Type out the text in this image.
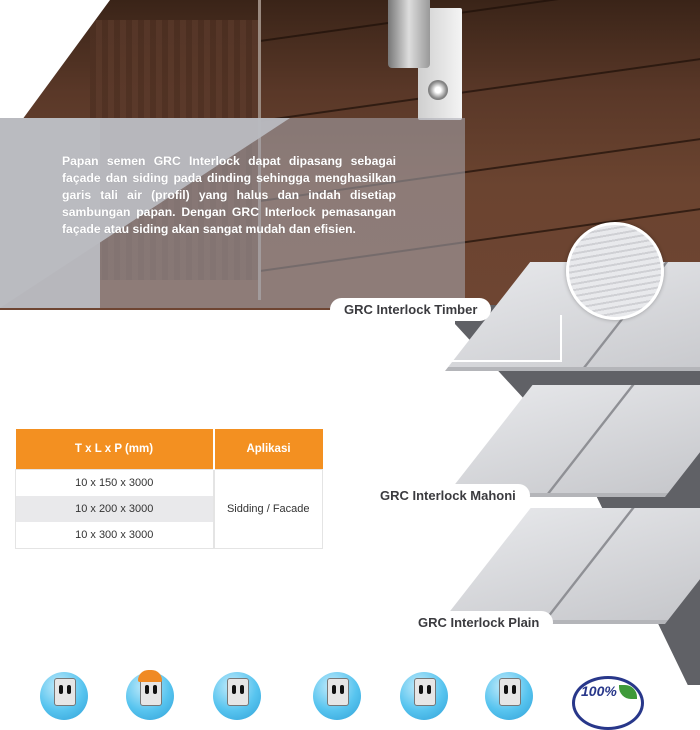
Papan semen GRC Interlock dapat dipasang sebagai façade dan siding pada dinding sehingga menghasilkan garis tali air (profil) yang halus dan indah disetiap sambungan papan. Dengan GRC Interlock pemasangan façade atau siding akan sangat mudah dan efisien.

GRC Interlock Timber
GRC Interlock Mahoni
GRC Interlock Plain
T x L x P (mm)	Aplikasi
10 x 150 x 3000	Sidding / Facade
10 x 200 x 3000	
10 x 300 x 3000	
100%
